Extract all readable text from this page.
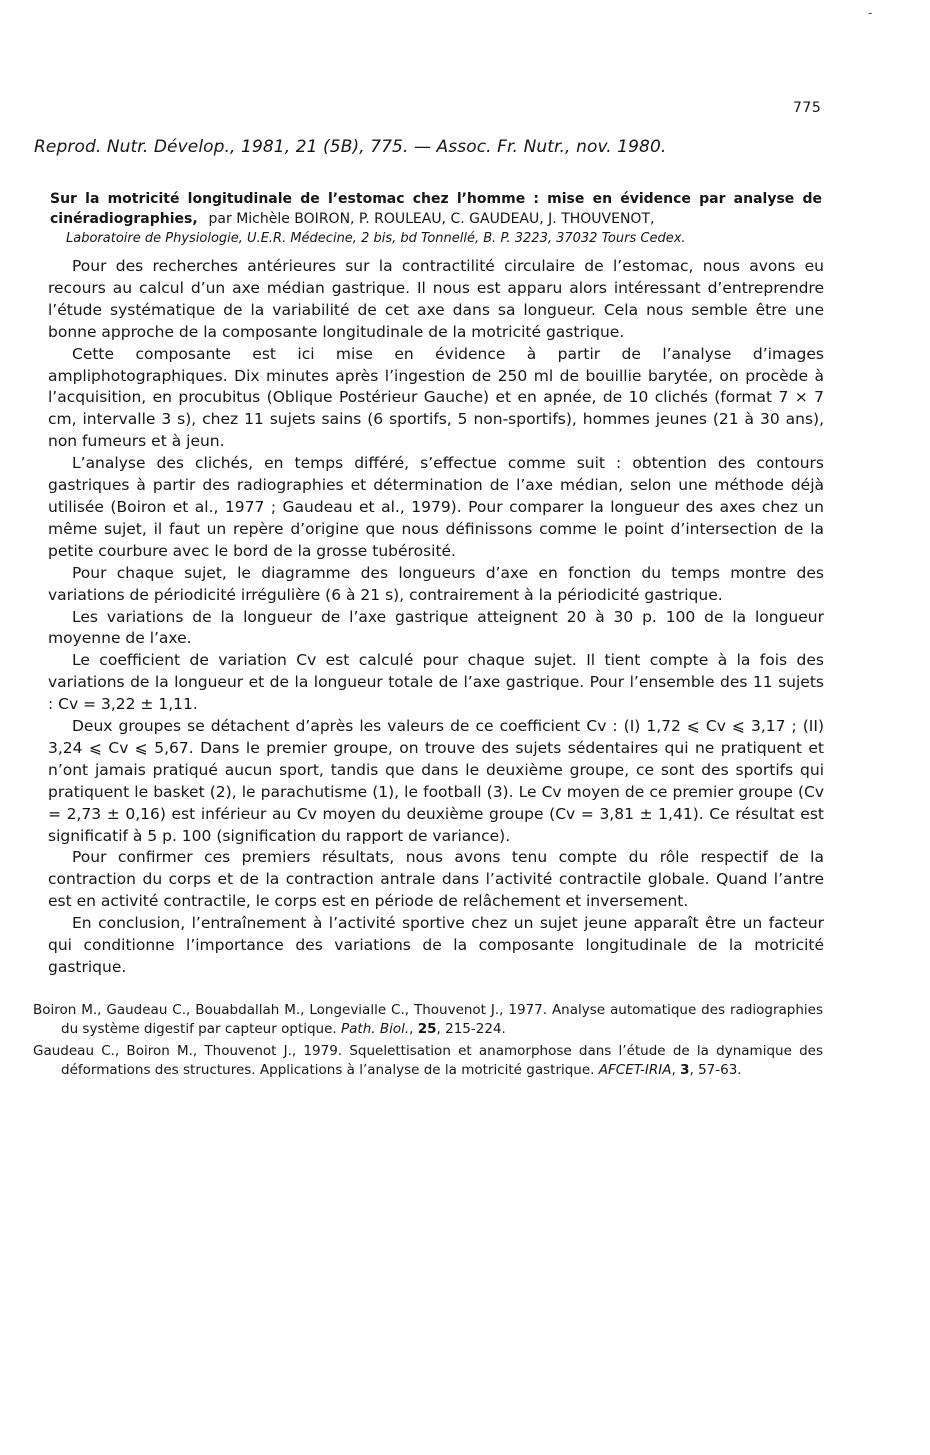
-
775
Reprod. Nutr. Dévelop., 1981, 21 (5B), 775. — Assoc. Fr. Nutr., nov. 1980.
Sur la motricité longitudinale de l’estomac chez l’homme : mise en évidence par analyse de cinéradiographies, par Michèle BOIRON, P. ROULEAU, C. GAUDEAU, J. THOUVENOT,
Laboratoire de Physiologie, U.E.R. Médecine, 2 bis, bd Tonnellé, B. P. 3223, 37032 Tours Cedex.

Pour des recherches antérieures sur la contractilité circulaire de l’estomac, nous avons eu recours au calcul d’un axe médian gastrique. Il nous est apparu alors intéressant d’entreprendre l’étude systématique de la variabilité de cet axe dans sa longueur. Cela nous semble être une bonne approche de la composante longitudinale de la motricité gastrique.

Cette composante est ici mise en évidence à partir de l’analyse d’images ampliphotographiques. Dix minutes après l’ingestion de 250 ml de bouillie barytée, on procède à l’acquisition, en procubitus (Oblique Postérieur Gauche) et en apnée, de 10 clichés (format 7 × 7 cm, intervalle 3 s), chez 11 sujets sains (6 sportifs, 5 non-sportifs), hommes jeunes (21 à 30 ans), non fumeurs et à jeun.

L’analyse des clichés, en temps différé, s’effectue comme suit : obtention des contours gastriques à partir des radiographies et détermination de l’axe médian, selon une méthode déjà utilisée (Boiron et al., 1977 ; Gaudeau et al., 1979). Pour comparer la longueur des axes chez un même sujet, il faut un repère d’origine que nous définissons comme le point d’intersection de la petite courbure avec le bord de la grosse tubérosité.

Pour chaque sujet, le diagramme des longueurs d’axe en fonction du temps montre des variations de périodicité irrégulière (6 à 21 s), contrairement à la périodicité gastrique.

Les variations de la longueur de l’axe gastrique atteignent 20 à 30 p. 100 de la longueur moyenne de l’axe.

Le coefficient de variation Cv est calculé pour chaque sujet. Il tient compte à la fois des variations de la longueur et de la longueur totale de l’axe gastrique. Pour l’ensemble des 11 sujets : Cv = 3,22 ± 1,11.

Deux groupes se détachent d’après les valeurs de ce coefficient Cv : (I) 1,72 ⩽ Cv ⩽ 3,17 ; (II) 3,24 ⩽ Cv ⩽ 5,67. Dans le premier groupe, on trouve des sujets sédentaires qui ne pratiquent et n’ont jamais pratiqué aucun sport, tandis que dans le deuxième groupe, ce sont des sportifs qui pratiquent le basket (2), le parachutisme (1), le football (3). Le Cv moyen de ce premier groupe (Cv = 2,73 ± 0,16) est inférieur au Cv moyen du deuxième groupe (Cv = 3,81 ± 1,41). Ce résultat est significatif à 5 p. 100 (signification du rapport de variance).

Pour confirmer ces premiers résultats, nous avons tenu compte du rôle respectif de la contraction du corps et de la contraction antrale dans l’activité contractile globale. Quand l’antre est en activité contractile, le corps est en période de relâchement et inversement.

En conclusion, l’entraînement à l’activité sportive chez un sujet jeune apparaît être un facteur qui conditionne l’importance des variations de la composante longitudinale de la motricité gastrique.

Boiron M., Gaudeau C., Bouabdallah M., Longevialle C., Thouvenot J., 1977. Analyse automatique des radiographies du système digestif par capteur optique. Path. Biol., 25, 215-224.

Gaudeau C., Boiron M., Thouvenot J., 1979. Squelettisation et anamorphose dans l’étude de la dynamique des déformations des structures. Applications à l’analyse de la motricité gastrique. AFCET-IRIA, 3, 57-63.
